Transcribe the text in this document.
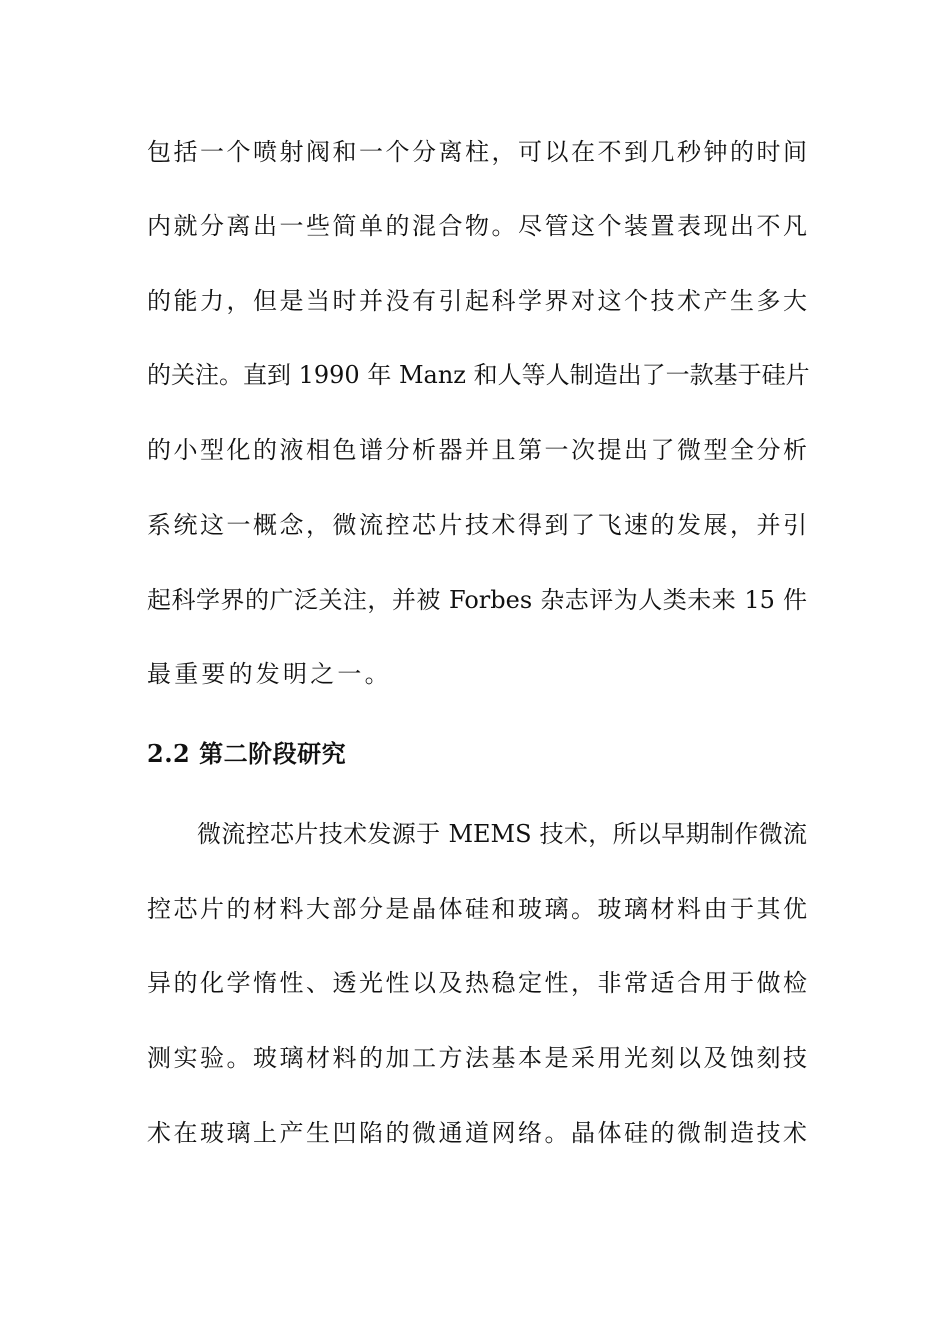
包括一个喷射阀和一个分离柱，可以在不到几秒钟的时间
内就分离出一些简单的混合物。尽管这个装置表现出不凡
的能力，但是当时并没有引起科学界对这个技术产生多大
的关注。直到 1990 年 Manz 和人等人制造出了一款基于硅片
的小型化的液相色谱分析器并且第一次提出了微型全分析
系统这一概念，微流控芯片技术得到了飞速的发展，并引
起科学界的广泛关注，并被 Forbes 杂志评为人类未来 15 件
最重要的发明之一。
2.2 第二阶段研究
微流控芯片技术发源于 MEMS 技术，所以早期制作微流
控芯片的材料大部分是晶体硅和玻璃。玻璃材料由于其优
异的化学惰性、透光性以及热稳定性，非常适合用于做检
测实验。玻璃材料的加工方法基本是采用光刻以及蚀刻技
术在玻璃上产生凹陷的微通道网络。晶体硅的微制造技术
